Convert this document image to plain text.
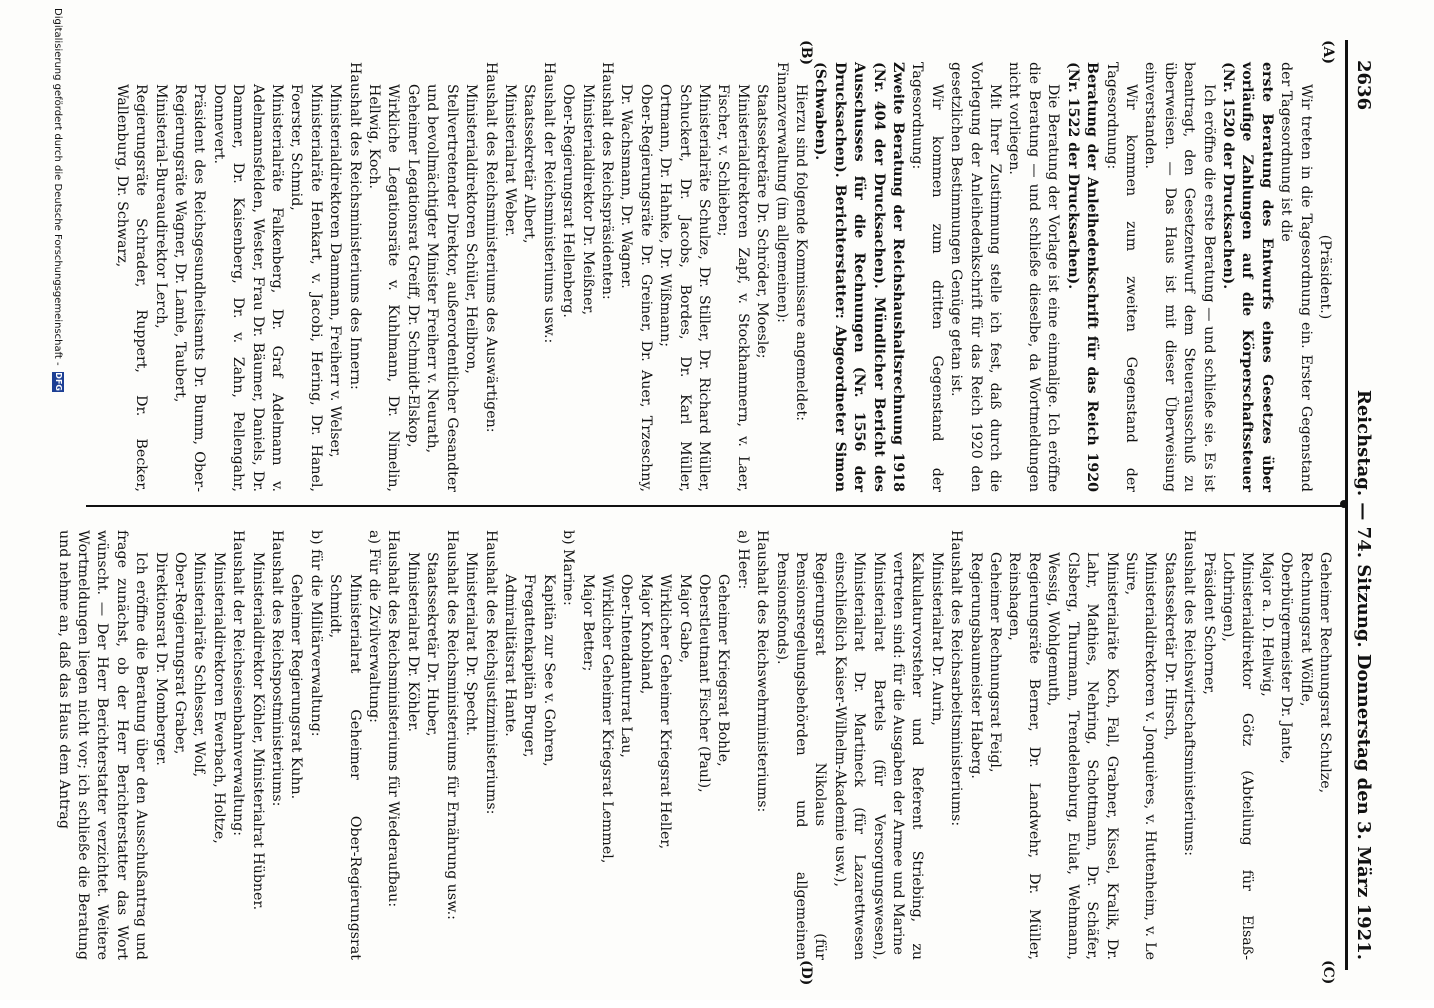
2636
Reichstag. — 74. Sitzung. Donnerstag den 3. März 1921.
(A)
(B)
(C)
(D)

(Präsident.)

Wir treten in die Tagesordnung ein. Erster Gegenstand der Tagesordnung ist die

erste Beratung des Entwurfs eines Gesetzes über vorläufige Zahlungen auf die Körperschaftssteuer (Nr. 1520 der Drucksachen).

Ich eröffne die erste Beratung — und schließe sie. Es ist beantragt, den Gesetzentwurf dem Steuerausschuß zu überweisen. — Das Haus ist mit dieser Überweisung einverstanden.

Wir kommen zum zweiten Gegenstand der Tagesordnung:

Beratung der Anleihedenkschrift für das Reich 1920 (Nr. 1522 der Drucksachen).

Die Beratung der Vorlage ist eine einmalige. Ich eröffne die Beratung — und schließe dieselbe, da Wortmeldungen nicht vorliegen.

Mit Ihrer Zustimmung stelle ich fest, daß durch die Vorlegung der Anleihedenkschrift für das Reich 1920 den gesetzlichen Bestimmungen Genüge getan ist.

Wir kommen zum dritten Gegenstand der Tagesordnung:

Zweite Beratung der Reichshaushaltsrechnung 1918 (Nr. 404 der Drucksachen). Mündlicher Bericht des Ausschusses für die Rechnungen (Nr. 1556 der Drucksachen). Berichterstatter: Abgeordneter Simon (Schwaben).

Hierzu sind folgende Kommissare angemeldet:

Finanzverwaltung (im allgemeinen):

Staatssekretäre Dr. Schröder, Moesle;

Ministerialdirektoren Zapf, v. Stockhammern, v. Laer, Fischer, v. Schlieben;

Ministerialräte Schulze, Dr. Stiller, Dr. Richard Müller, Schuckert, Dr. Jacobs, Bordes, Dr. Karl Müller, Ortmann, Dr. Hahnke, Dr. Wißmann;

Ober-Regierungsräte Dr. Greiner, Dr. Auer, Trzeschny, Dr. Wachsmann, Dr. Wagner.

Haushalt des Reichspräsidenten:

Ministerialdirektor Dr. Meißner,

Ober-Regierungsrat Hellenberg.

Haushalt der Reichsministeriums usw.:

Staatssekretär Albert,

Ministerialrat Weber.

Haushalt des Reichsministeriums des Auswärtigen:

Ministerialdirektoren Schüler, Heilbron,

Stellvertretender Direktor, außerordentlicher Gesandter und bevollmächtigter Minister Freiherr v. Neurath,

Geheimer Legationsrat Greiff, Dr. Schmidt-Elskop,

Wirkliche Legationsräte v. Kuhlmann, Dr. Nimelin, Hellwig, Koch.

Haushalt des Reichsministeriums des Innern:

Ministerialdirektoren Dammann, Freiherr v. Welser,

Ministerialräte Henkart, v. Jacobi, Hering, Dr. Hanel, Foerster, Schmid,

Ministerialräte Falkenberg, Dr. Graf Adelmann v. Adelmannsfelden, Wester, Frau Dr. Bäumer, Daniels, Dr. Dammer, Dr. Kaisenberg, Dr. v. Zahn, Pellengahr, Donnevert.

Präsident des Reichsgesundheitsamts Dr. Bumm, Ober-Regierungsräte Wagner, Dr. Lamle, Taubert,

Ministerial-Bureaudirektor Lerch,

Regierungsräte Schrader, Ruppert, Dr. Becker, Wallenburg, Dr. Schwarz,

Geheimer Rechnungsrat Schulze,

Rechnungsrat Wölfle,

Oberbürgermeister Dr. Jante,

Major a. D. Hellwig,

Ministerialdirektor Götz (Abteilung für Elsaß-Lothringen),

Präsident Schorner,

Haushalt des Reichswirtschaftsministeriums:

Staatssekretär Dr. Hirsch,

Ministerialdirektoren v. Jonquières, v. Huttenheim, v. Le Suire,

Ministerialräte Koch, Fall, Grabner, Kissel, Kralik, Dr. Lahr, Mathies, Nehring, Schottmann, Dr. Schäfer, Clsberg, Thurmann, Trendelenburg, Eulat, Wehmann, Wessig, Wohlgemuth,

Regierungsräte Berner, Dr. Landwehr, Dr. Müller, Reinshagen,

Geheimer Rechnungsrat Feigl,

Regierungsbaumeister Haberg.

Haushalt des Reichsarbeitsministeriums:

Ministerialrat Dr. Aurin,

Kalkulaturvorsteher und Referent Striebing, zu vertreten sind: für die Ausgaben der Armee und Marine

Ministerialrat Bartels (für Versorgungswesen), Ministerialrat Dr. Martineck (für Lazarettwesen einschließlich Kaiser-Wilhelm-Akademie usw.),

Regierungsrat Nikolaus (für Pensionsregelungsbehörden und allgemeinen Pensionsfonds).

Haushalt des Reichswehrministeriums:

a) Heer:

Geheimer Kriegsrat Bohle,

Oberstleutnant Fischer (Paul),

Major Gabe,

Wirklicher Geheimer Kriegsrat Heller,

Major Knobland,

Ober-Intendanturrat Lau,

Wirklicher Geheimer Kriegsrat Lemmel,

Major Better;

b) Marine:

Kapitän zur See v. Gohren,

Fregattenkapitän Bruger,

Admiralitätsrat Hante.

Haushalt des Reichsjustizministeriums:

Ministerialrat Dr. Specht.

Haushalt des Reichsministeriums für Ernährung usw.:

Staatssekretär Dr. Huber,

Ministerialrat Dr. Köhler.

Haushalt des Reichsministeriums für Wiederaufbau:

a) Für die Zivilverwaltung:

Ministerialrat Geheimer Ober-Regierungsrat Schmidt,

b) für die Militärverwaltung:

Geheimer Regierungsrat Kuhn.

Haushalt des Reichspostministeriums:

Ministerialdirektor Köhler, Ministerialrat Hübner.

Haushalt der Reichseisenbahnverwaltung:

Ministerialdirektoren Ewerbach, Holtze,

Ministerialräte Schlesser, Wolf,

Ober-Regierungsrat Graber,

Direktionsrat Dr. Momberger.

Ich eröffne die Beratung über den Ausschußantrag und frage zunächst, ob der Herr Berichterstatter das Wort wünscht. — Der Herr Berichterstatter verzichtet. Weitere Wortmeldungen liegen nicht vor; ich schließe die Beratung und nehme an, daß das Haus dem Antrag

Digitalisierung gefördert durch die Deutsche Forschungsgemeinschaft -
DFG
